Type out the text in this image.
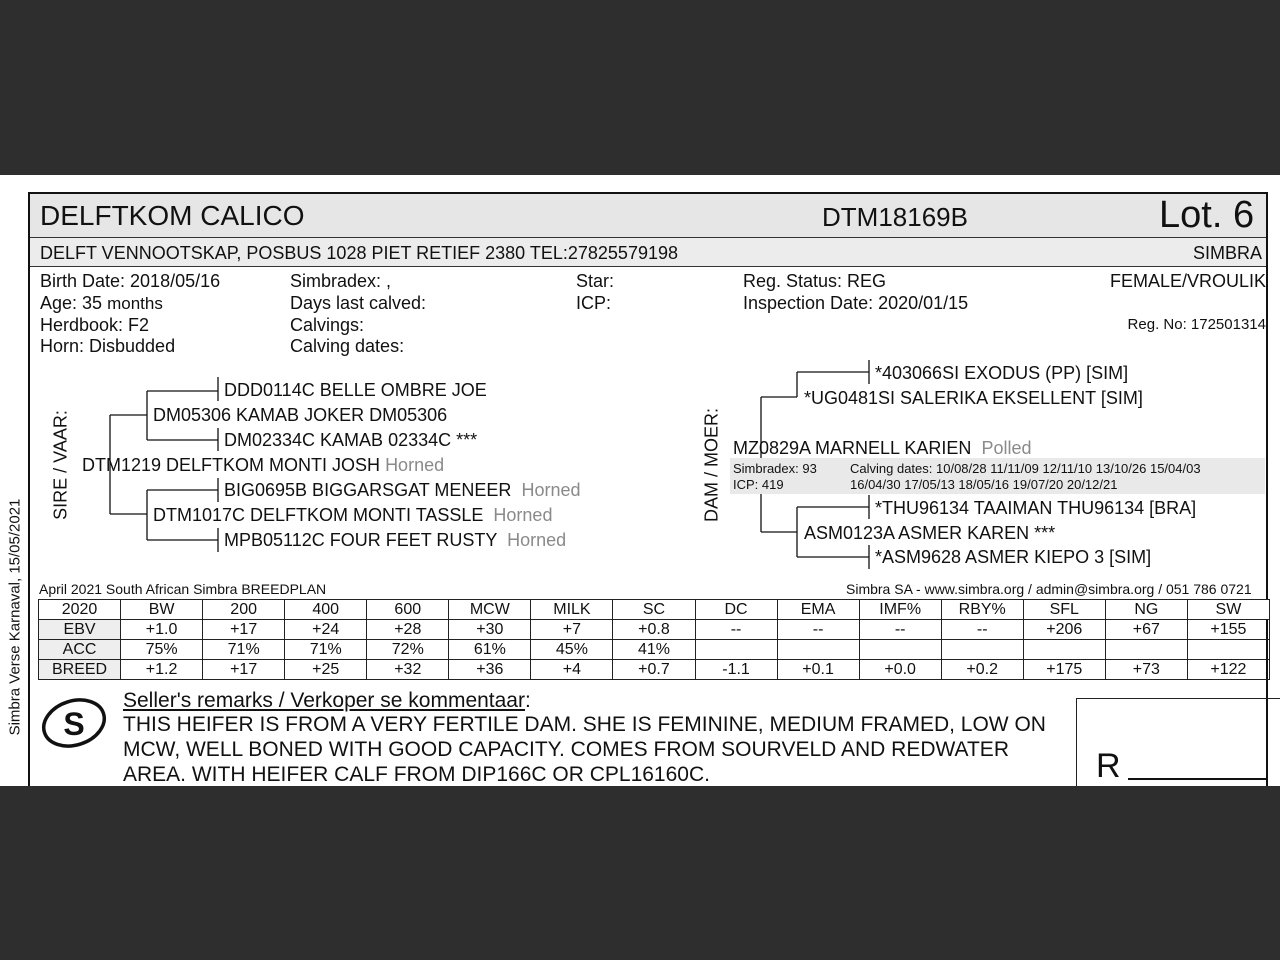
Simbra Verse Karnaval, 15/05/2021
DELFTKOM CALICO	DTM18169B	Lot. 6
DELFT VENNOOTSKAP, POSBUS 1028 PIET RETIEF 2380 TEL:27825579198	SIMBRA
Birth Date: 2018/05/16
Age: 35 months
Herdbook: F2
Horn: Disbudded
Simbradex: ,
Days last calved:
Calvings:
Calving dates:
Star:
ICP:
Reg. Status: REG
Inspection Date: 2020/01/15
FEMALE/VROULIK
Reg. No: 172501314
SIRE / VAAR:
DDD0114C BELLE OMBRE JOE
DM05306 KAMAB JOKER DM05306
DM02334C KAMAB 02334C ***
DTM1219 DELFTKOM MONTI JOSH Horned
BIG0695B BIGGARSGAT MENEER Horned
DTM1017C DELFTKOM MONTI TASSLE Horned
MPB05112C FOUR FEET RUSTY Horned
DAM / MOER:
*403066SI EXODUS (PP) [SIM]
*UG0481SI SALERIKA EKSELLENT [SIM]
MZ0829A MARNELL KARIEN Polled
Simbradex: 93
ICP: 419
Calving dates: 10/08/28 11/11/09 12/11/10 13/10/26 15/04/03
16/04/30 17/05/13 18/05/16 19/07/20 20/12/21
*THU96134 TAAIMAN THU96134 [BRA]
ASM0123A ASMER KAREN ***
*ASM9628 ASMER KIEPO 3 [SIM]
April 2021 South African Simbra BREEDPLAN	Simbra SA - www.simbra.org / admin@simbra.org / 051 786 0721
2020	BW	200	400	600	MCW	MILK	SC	DC	EMA	IMF%	RBY%	SFL	NG	SW
EBV	+1.0	+17	+24	+28	+30	+7	+0.8	--	--	--	--	+206	+67	+155
ACC	75%	71%	71%	72%	61%	45%	41%							
BREED	+1.2	+17	+25	+32	+36	+4	+0.7	-1.1	+0.1	+0.0	+0.2	+175	+73	+122
S
Seller's remarks / Verkoper se kommentaar:
THIS HEIFER IS FROM A VERY FERTILE DAM. SHE IS FEMININE, MEDIUM FRAMED, LOW ON
MCW, WELL BONED WITH GOOD CAPACITY. COMES FROM SOURVELD AND REDWATER
AREA. WITH HEIFER CALF FROM DIP166C OR CPL16160C.	R
